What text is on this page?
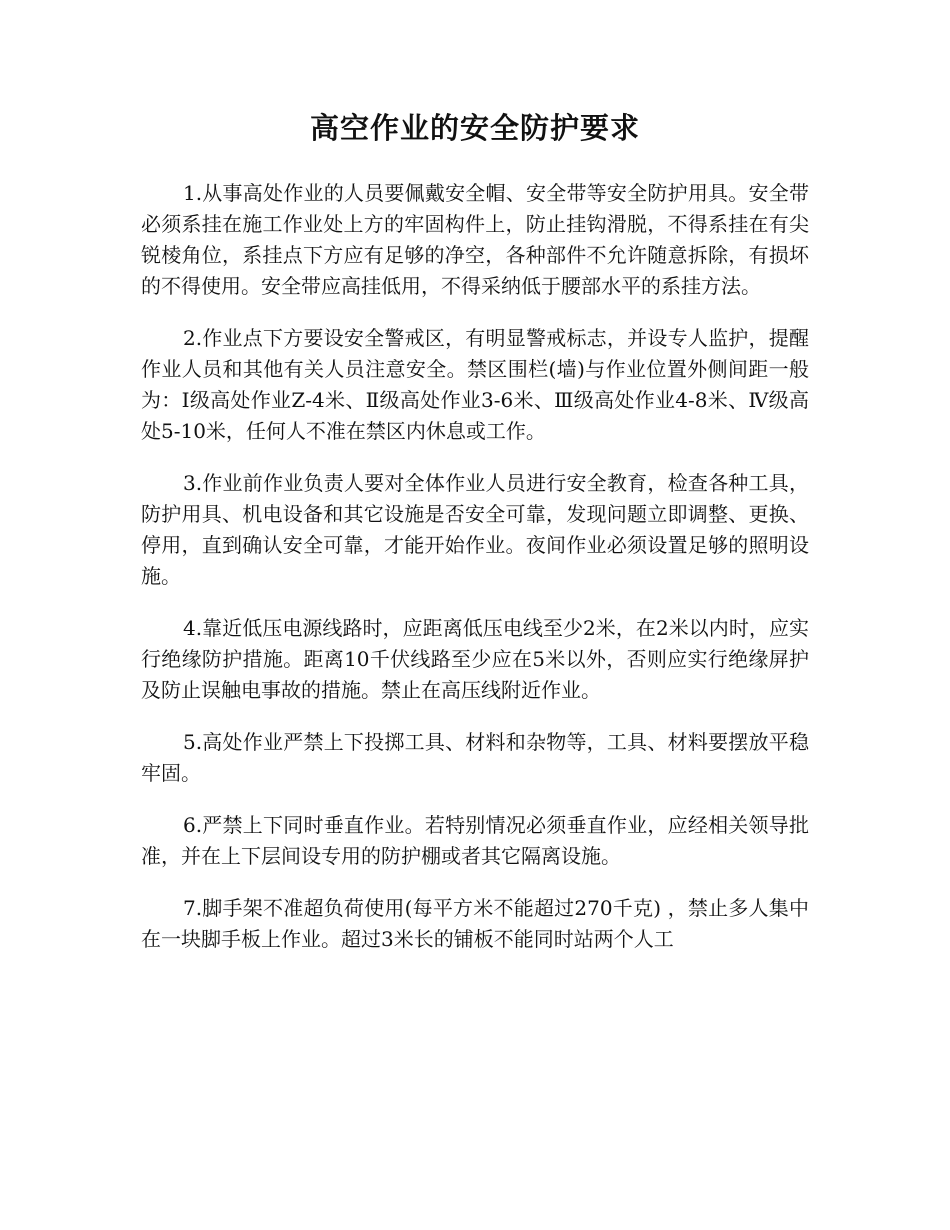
高空作业的安全防护要求

1.从事高处作业的人员要佩戴安全帽、安全带等安全防护用具。安全带必须系挂在施工作业处上方的牢固构件上，防止挂钩滑脱，不得系挂在有尖锐棱角位，系挂点下方应有足够的净空，各种部件不允许随意拆除，有损坏的不得使用。安全带应高挂低用，不得采纳低于腰部水平的系挂方法。

2.作业点下方要设安全警戒区，有明显警戒标志，并设专人监护，提醒作业人员和其他有关人员注意安全。禁区围栏(墙)与作业位置外侧间距一般为：Ⅰ级高处作业Z-4米、Ⅱ级高处作业3-6米、Ⅲ级高处作业4-8米、Ⅳ级高处5-10米，任何人不准在禁区内休息或工作。

3.作业前作业负责人要对全体作业人员进行安全教育，检查各种工具，防护用具、机电设备和其它设施是否安全可靠，发现问题立即调整、更换、停用，直到确认安全可靠，才能开始作业。夜间作业必须设置足够的照明设施。

4.靠近低压电源线路时，应距离低压电线至少2米，在2米以内时，应实行绝缘防护措施。距离10千伏线路至少应在5米以外，否则应实行绝缘屏护及防止误触电事故的措施。禁止在高压线附近作业。

5.高处作业严禁上下投掷工具、材料和杂物等，工具、材料要摆放平稳牢固。

6.严禁上下同时垂直作业。若特别情况必须垂直作业，应经相关领导批准，并在上下层间设专用的防护棚或者其它隔离设施。

7.脚手架不准超负荷使用(每平方米不能超过270千克) ，禁止多人集中在一块脚手板上作业。超过3米长的铺板不能同时站两个人工
